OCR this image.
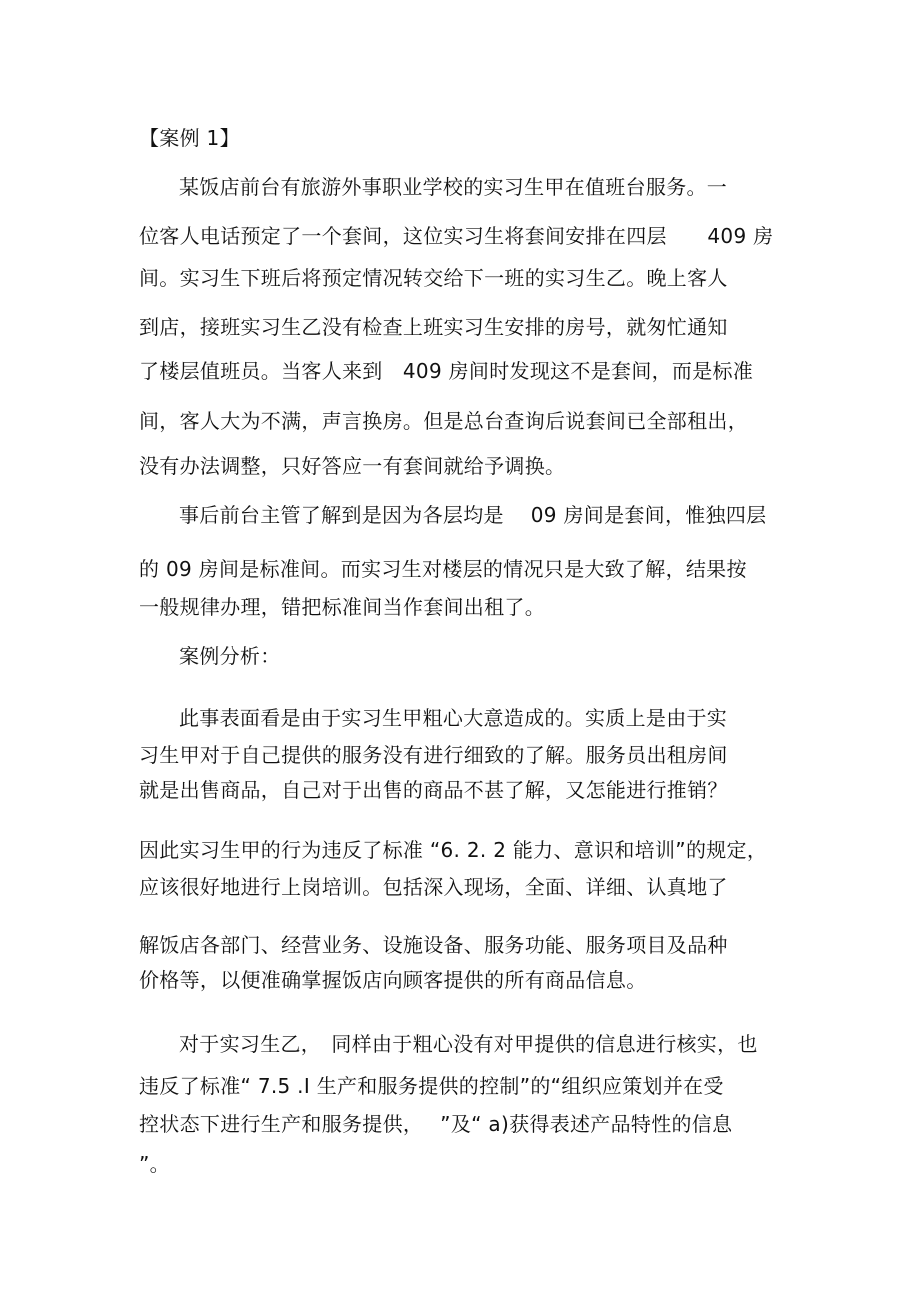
【案例 1】
某饭店前台有旅游外事职业学校的实习生甲在值班台服务。一
位客人电话预定了一个套间，这位实习生将套间安排在四层　　409 房
间。实习生下班后将预定情况转交给下一班的实习生乙。晚上客人
到店，接班实习生乙没有检查上班实习生安排的房号，就匆忙通知
了楼层值班员。当客人来到　409 房间时发现这不是套间，而是标准
间，客人大为不满，声言换房。但是总台查询后说套间已全部租出，
没有办法调整，只好答应一有套间就给予调换。
事后前台主管了解到是因为各层均是　 09 房间是套间，惟独四层
的 09 房间是标准间。而实习生对楼层的情况只是大致了解，结果按
一般规律办理，错把标准间当作套间出租了。
案例分析：
此事表面看是由于实习生甲粗心大意造成的。实质上是由于实
习生甲对于自己提供的服务没有进行细致的了解。服务员出租房间
就是出售商品，自己对于出售的商品不甚了解，又怎能进行推销？
因此实习生甲的行为违反了标准 “6. 2. 2 能力、意识和培训”的规定，
应该很好地进行上岗培训。包括深入现场，全面、详细、认真地了
解饭店各部门、经营业务、设施设备、服务功能、服务项目及品种
价格等，以便准确掌握饭店向顾客提供的所有商品信息。
对于实习生乙，　同样由于粗心没有对甲提供的信息进行核实，也
违反了标准“ 7.5 .I 生产和服务提供的控制”的“组织应策划并在受
控状态下进行生产和服务提供，　 ”及“ a)获得表述产品特性的信息
”。
